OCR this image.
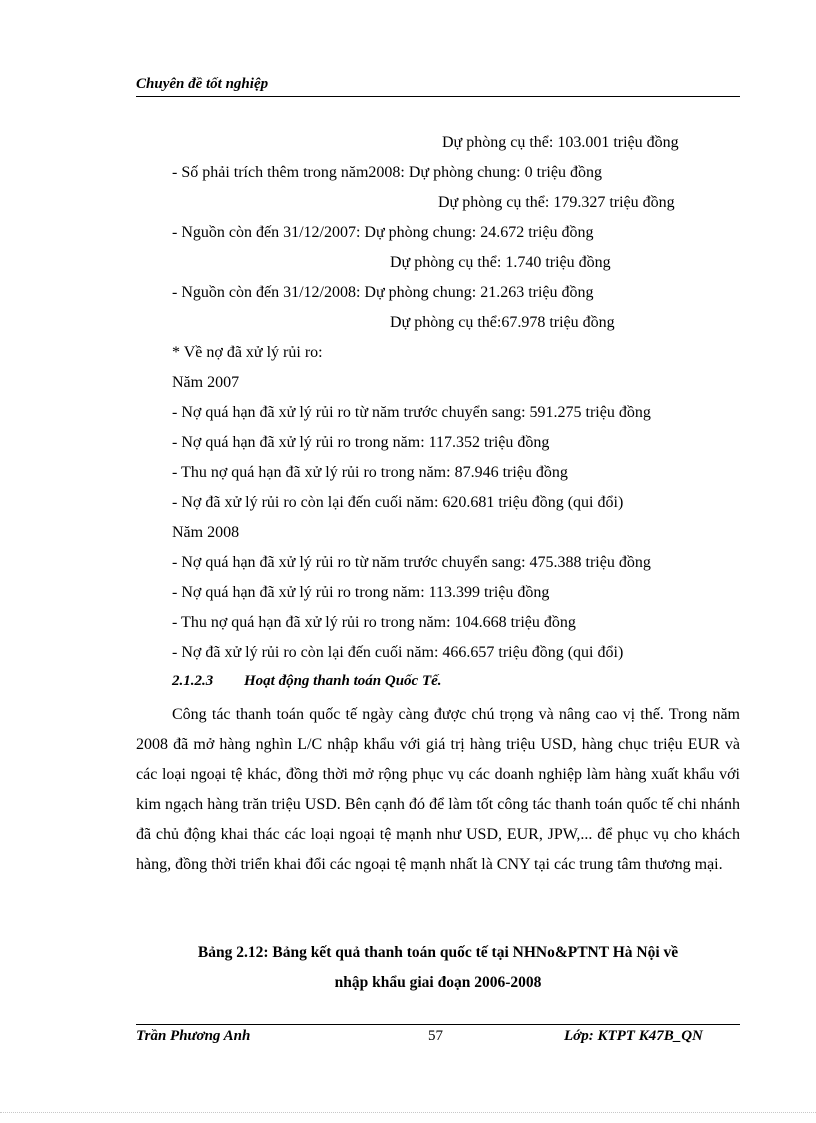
Chuyên đề tốt nghiệp
Dự phòng cụ thể: 103.001 triệu đồng
- Số phải trích thêm trong năm2008: Dự phòng chung: 0 triệu đồng
Dự phòng cụ thể: 179.327 triệu đồng
- Nguồn còn đến 31/12/2007: Dự phòng chung: 24.672 triệu đồng
Dự phòng cụ thể: 1.740 triệu đồng
- Nguồn còn đến 31/12/2008: Dự phòng chung: 21.263 triệu đồng
Dự phòng cụ thể:67.978 triệu đồng
* Về nợ đã xử lý rủi ro:
Năm 2007
- Nợ quá hạn đã xử lý rủi ro từ năm trước chuyển sang: 591.275 triệu đồng
- Nợ quá hạn đã xử lý rủi ro trong năm: 117.352 triệu đồng
- Thu nợ quá hạn đã xử lý rủi ro trong năm: 87.946 triệu đồng
- Nợ đã xử lý rủi ro còn lại đến cuối năm: 620.681 triệu đồng (qui đổi)
Năm 2008
- Nợ quá hạn đã xử lý rủi ro từ năm trước chuyển sang: 475.388 triệu đồng
- Nợ quá hạn đã xử lý rủi ro trong năm: 113.399 triệu đồng
- Thu nợ quá hạn đã xử lý rủi ro trong năm: 104.668 triệu đồng
- Nợ đã xử lý rủi ro còn lại đến cuối năm: 466.657 triệu đồng (qui đổi)
2.1.2.3 Hoạt động thanh toán Quốc Tế.
Công tác thanh toán quốc tế ngày càng được chú trọng và nâng cao vị thế. Trong năm 2008 đã mở hàng nghìn L/C nhập khẩu với giá trị hàng triệu USD, hàng chục triệu EUR và các loại ngoại tệ khác, đồng thời mở rộng phục vụ các doanh nghiệp làm hàng xuất khẩu với kim ngạch hàng trăn triệu USD. Bên cạnh đó để làm tốt công tác thanh toán quốc tế chi nhánh đã chủ động khai thác các loại ngoại tệ mạnh như USD, EUR, JPW,... để phục vụ cho khách hàng, đồng thời triển khai đổi các ngoại tệ mạnh nhất là CNY tại các trung tâm thương mại.
Bảng 2.12: Bảng kết quả thanh toán quốc tế tại NHNo&PTNT Hà Nội về
nhập khẩu giai đoạn 2006-2008
Trần Phương Anh	57	Lớp: KTPT K47B_QN
